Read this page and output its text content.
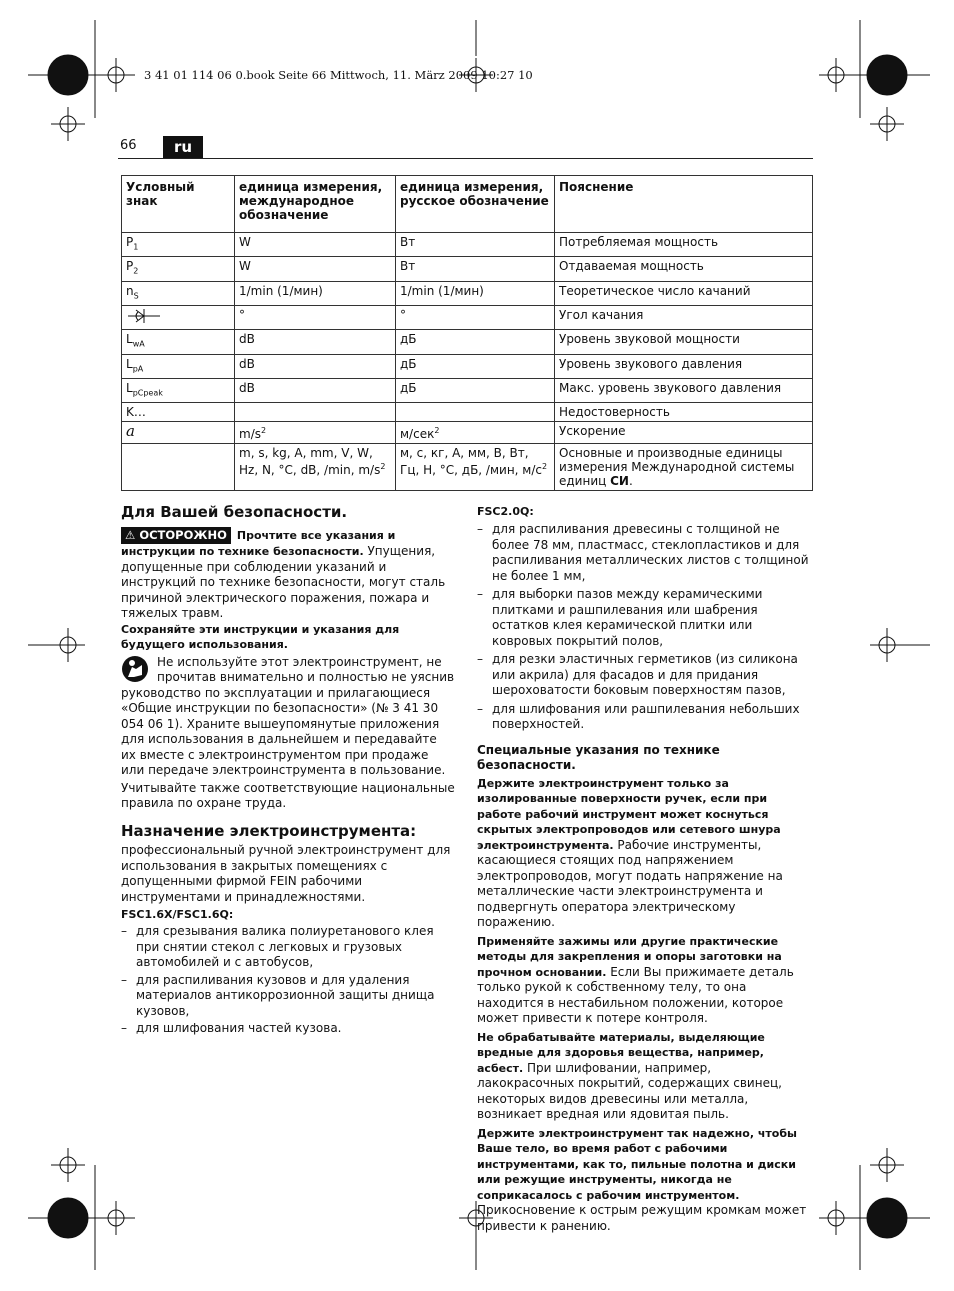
3 41 01 114 06 0.book Seite 66 Mittwoch, 11. März 2009 10:27 10
66	ru
Условный знак	единица измерения, международное обозначение	единица измерения, русское обозначение	Пояснение
$P_1$	W	Вт	Потребляемая мощность
$P_2$	W	Вт	Отдаваемая мощность
$n_S$	1/min (1/мин)	1/min (1/мин)	Теоретическое число качаний
	°	°	Угол качания
$L_{wA}$	dB	дБ	Уровень звуковой мощности
$L_{pA}$	dB	дБ	Уровень звукового давления
$L_{pCpeak}$	dB	дБ	Макс. уровень звукового давления
K…			Недостоверность
a	$m/s^2$	м/сек$^2$	Ускорение
	m, s, kg, A, mm, V, W, Hz, N, °C, dB, /min, $m/s^2$	м, с, кг, А, мм, В, Вт, Гц, Н, °С, дБ, /мин, $м/с^2$	Основные и производные единицы измерения Международной системы единиц СИ.

Для Вашей безопасности.

⚠ ОСТОРОЖНО Прочтите все указания и инструкции по технике безопасности. Упущения, допущенные при соблюдении указаний и инструкций по технике безопасности, могут сталь причиной электрического поражения, пожара и тяжелых травм.

Сохраняйте эти инструкции и указания для будущего использования.

Не используйте этот электроинструмент, не прочитав внимательно и полностью не уяснив руководство по эксплуатации и прилагающиеся «Общие инструкции по безопасности» (№ 3 41 30 054 06 1). Храните вышеупомянутые приложения для использования в дальнейшем и передавайте их вместе с электроинструментом при продаже или передаче электроинструмента в пользование.

Учитывайте также соответствующие национальные правила по охране труда.

Назначение электроинструмента:

профессиональный ручной электроинструмент для использования в закрытых помещениях с допущенными фирмой FEIN рабочими инструментами и принадлежностями.

FSC1.6X/FSC1.6Q:

– для срезывания валика полиуретанового клея при снятии стекол с легковых и грузовых автомобилей и с автобусов,

– для распиливания кузовов и для удаления материалов антикоррозионной защиты днища кузовов,

– для шлифования частей кузова.

FSC2.0Q:

– для распиливания древесины с толщиной не более 78 мм, пластмасс, стеклопластиков и для распиливания металлических листов с толщиной не более 1 мм,

– для выборки пазов между керамическими плитками и рашпилевания или шабрения остатков клея керамической плитки или ковровых покрытий полов,

– для резки эластичных герметиков (из силикона или акрила) для фасадов и для придания шероховатости боковым поверхностям пазов,

– для шлифования или рашпилевания небольших поверхностей.

Специальные указания по технике безопасности.

Держите электроинструмент только за изолированные поверхности ручек, если при работе рабочий инструмент может коснуться скрытых электропроводов или сетевого шнура электроинструмента. Рабочие инструменты, касающиеся стоящих под напряжением электропроводов, могут подать напряжение на металлические части электроинструмента и подвергнуть оператора электрическому поражению.

Применяйте зажимы или другие практические методы для закрепления и опоры заготовки на прочном основании. Если Вы прижимаете деталь только рукой к собственному телу, то она находится в нестабильном положении, которое может привести к потере контроля.

Не обрабатывайте материалы, выделяющие вредные для здоровья вещества, например, асбест. При шлифовании, например, лакокрасочных покрытий, содержащих свинец, некоторых видов древесины или металла, возникает вредная или ядовитая пыль.

Держите электроинструмент так надежно, чтобы Ваше тело, во время работ с рабочими инструментами, как то, пильные полотна и диски или режущие инструменты, никогда не соприкасалось с рабочим инструментом. Прикосновение к острым режущим кромкам может привести к ранению.
